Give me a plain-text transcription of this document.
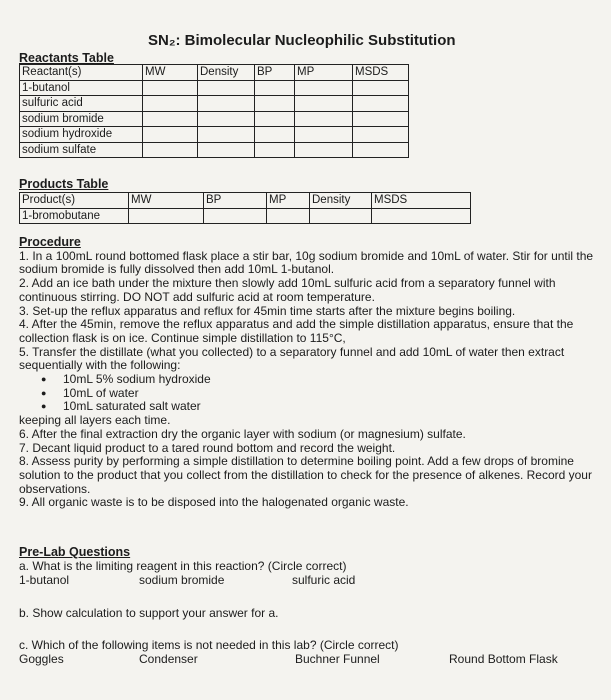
SN₂: Bimolecular Nucleophilic Substitution
Reactants Table
Reactant(s)	MW	Density	BP	MP	MSDS
1-butanol					
sulfuric acid					
sodium bromide					
sodium hydroxide					
sodium sulfate					
Products Table
Product(s)	MW	BP	MP	Density	MSDS
1-bromobutane					
Procedure

1. In a 100mL round bottomed flask place a stir bar, 10g sodium bromide and 10mL of water. Stir for until the sodium bromide is fully dissolved then add 10mL 1-butanol.

2. Add an ice bath under the mixture then slowly add 10mL sulfuric acid from a separatory funnel with continuous stirring. DO NOT add sulfuric acid at room temperature.

3. Set-up the reflux apparatus and reflux for 45min time starts after the mixture begins boiling.

4. After the 45min, remove the reflux apparatus and add the simple distillation apparatus, ensure that the collection flask is on ice. Continue simple distillation to 115°C,

5. Transfer the distillate (what you collected) to a separatory funnel and add 10mL of water then extract sequentially with the following:

● 10mL 5% sodium hydroxide
● 10mL of water
● 10mL saturated salt water

keeping all layers each time.

6. After the final extraction dry the organic layer with sodium (or magnesium) sulfate.

7. Decant liquid product to a tared round bottom and record the weight.

8. Assess purity by performing a simple distillation to determine boiling point. Add a few drops of bromine solution to the product that you collect from the distillation to check for the presence of alkenes. Record your observations.

9. All organic waste is to be disposed into the halogenated organic waste.

Pre-Lab Questions
a. What is the limiting reagent in this reaction? (Circle correct)
1-butanol	sodium bromide	sulfuric acid
b. Show calculation to support your answer for a.
c. Which of the following items is not needed in this lab? (Circle correct)
Goggles	Condenser	Buchner Funnel	Round Bottom Flask
